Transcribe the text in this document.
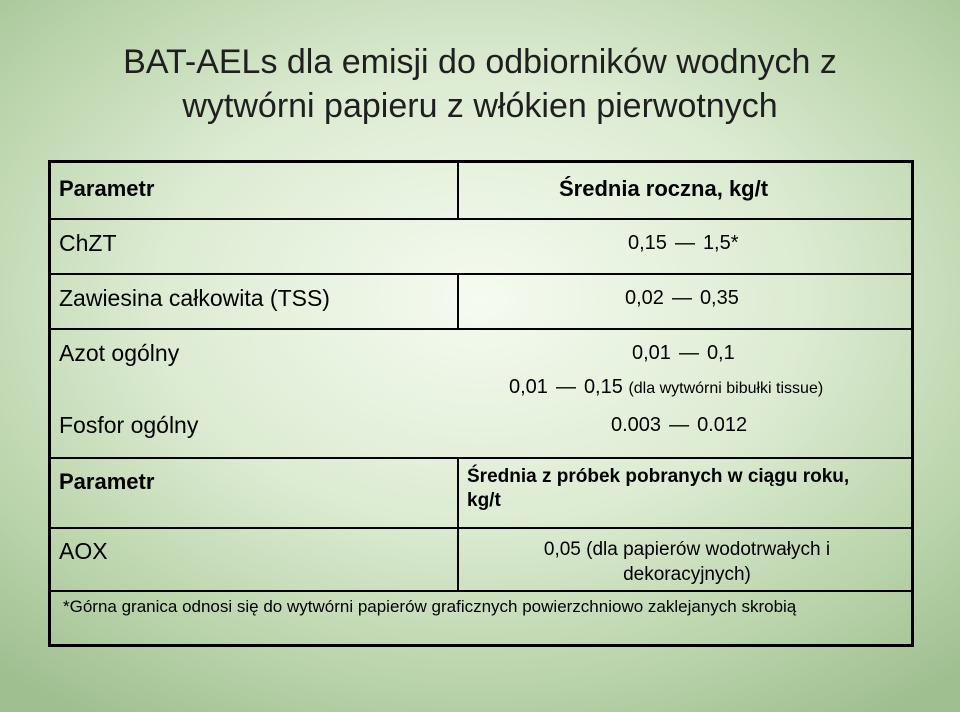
BAT-AELs dla emisji do odbiorników wodnych z
wytwórni papieru z włókien pierwotnych
Parametr	Średnia roczna, kg/t
ChZT	0,15 — 1,5*
Zawiesina całkowita (TSS)	0,02 — 0,35
Azot ogólny	0,01 — 0,1
0,01 — 0,15 (dla wytwórni bibułki tissue)
Fosfor ogólny	0.003 — 0.012
Parametr	Średnia z próbek pobranych w ciągu roku,
kg/t
AOX	0,05 (dla papierów wodotrwałych i
dekoracyjnych)
*Górna granica odnosi się do wytwórni papierów graficznych powierzchniowo zaklejanych skrobią
